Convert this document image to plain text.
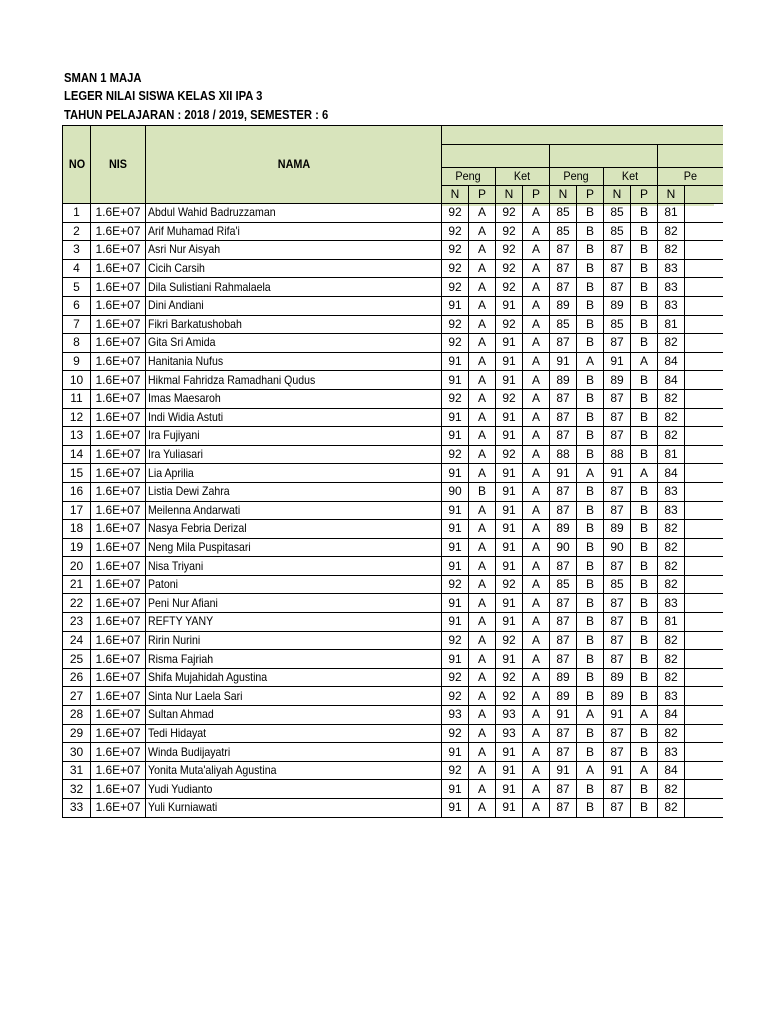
SMAN 1 MAJA
LEGER NILAI SISWA KELAS XII IPA 3
TAHUN PELAJARAN : 2018 / 2019, SEMESTER : 6
NO	NIS	NAMA										

			Peng		Ket		Peng		Ket		Pe	
			N	P	N	P	N	P	N	P	N	
1	1.6E+07	Abdul Wahid Badruzzaman	92	A	92	A	85	B	85	B	81	
2	1.6E+07	Arif Muhamad Rifa'i	92	A	92	A	85	B	85	B	82	
3	1.6E+07	Asri Nur Aisyah	92	A	92	A	87	B	87	B	82	
4	1.6E+07	Cicih Carsih	92	A	92	A	87	B	87	B	83	
5	1.6E+07	Dila Sulistiani Rahmalaela	92	A	92	A	87	B	87	B	83	
6	1.6E+07	Dini Andiani	91	A	91	A	89	B	89	B	83	
7	1.6E+07	Fikri Barkatushobah	92	A	92	A	85	B	85	B	81	
8	1.6E+07	Gita Sri Amida	92	A	91	A	87	B	87	B	82	
9	1.6E+07	Hanitania Nufus	91	A	91	A	91	A	91	A	84	
10	1.6E+07	Hikmal Fahridza Ramadhani Qudus	91	A	91	A	89	B	89	B	84	
11	1.6E+07	Imas Maesaroh	92	A	92	A	87	B	87	B	82	
12	1.6E+07	Indi Widia Astuti	91	A	91	A	87	B	87	B	82	
13	1.6E+07	Ira Fujiyani	91	A	91	A	87	B	87	B	82	
14	1.6E+07	Ira Yuliasari	92	A	92	A	88	B	88	B	81	
15	1.6E+07	Lia Aprilia	91	A	91	A	91	A	91	A	84	
16	1.6E+07	Listia Dewi Zahra	90	B	91	A	87	B	87	B	83	
17	1.6E+07	Meilenna Andarwati	91	A	91	A	87	B	87	B	83	
18	1.6E+07	Nasya Febria Derizal	91	A	91	A	89	B	89	B	82	
19	1.6E+07	Neng Mila Puspitasari	91	A	91	A	90	B	90	B	82	
20	1.6E+07	Nisa Triyani	91	A	91	A	87	B	87	B	82	
21	1.6E+07	Patoni	92	A	92	A	85	B	85	B	82	
22	1.6E+07	Peni Nur Afiani	91	A	91	A	87	B	87	B	83	
23	1.6E+07	REFTY YANY	91	A	91	A	87	B	87	B	81	
24	1.6E+07	Ririn Nurini	92	A	92	A	87	B	87	B	82	
25	1.6E+07	Risma Fajriah	91	A	91	A	87	B	87	B	82	
26	1.6E+07	Shifa Mujahidah Agustina	92	A	92	A	89	B	89	B	82	
27	1.6E+07	Sinta Nur Laela Sari	92	A	92	A	89	B	89	B	83	
28	1.6E+07	Sultan Ahmad	93	A	93	A	91	A	91	A	84	
29	1.6E+07	Tedi Hidayat	92	A	93	A	87	B	87	B	82	
30	1.6E+07	Winda Budijayatri	91	A	91	A	87	B	87	B	83	
31	1.6E+07	Yonita Muta'aliyah Agustina	92	A	91	A	91	A	91	A	84	
32	1.6E+07	Yudi Yudianto	91	A	91	A	87	B	87	B	82	
33	1.6E+07	Yuli Kurniawati	91	A	91	A	87	B	87	B	82	
